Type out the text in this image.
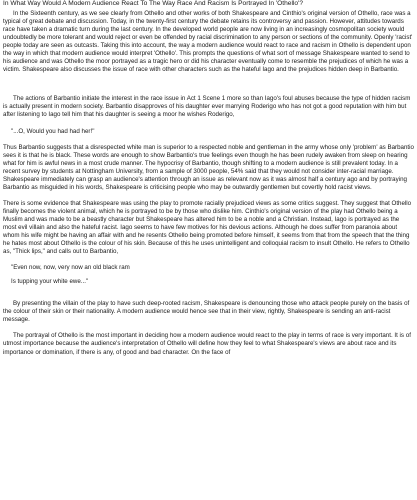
In What Way Would A Modern Audience React To The Way Race And Racism Is Portrayed In 'Othello'?

In the Sixteenth century, as we see clearly from Othello and other works of both Shakespeare and Cinthio's original version of Othello, race was a typical of great debate and discussion. Today, in the twenty-first century the debate retains its controversy and passion. However, attitudes towards race have taken a dramatic turn during the last century. In the developed world people are now living in an increasingly cosmopolitan society would undoubtedly be more tolerant and would reject or even be offended by racial discrimination to any person or sections of the community. Openly 'racist' people today are seen as outcasts. Taking this into account, the way a modern audience would react to race and racism in Othello is dependent upon the way in which that modern audience would interpret 'Othello'. This prompts the questions of what sort of message Shakespeare wanted to send to his audience and was Othello the moor portrayed as a tragic hero or did his character eventually come to resemble the prejudices of which he was a victim. Shakespeare also discusses the issue of race with other characters such as the hateful Iago and the prejudices hidden deep in Barbantio.

The actions of Barbantio initiate the interest in the race issue in Act 1 Scene 1 more so than Iago's foul abuses because the type of hidden racism is actually present in modern society. Barbantio disapproves of his daughter ever marrying Roderigo who has not got a good reputation with him but after listening to Iago tell him that his daughter is seeing a moor he wishes Roderigo,

"...O, Would you had had her!"

Thus Barbantio suggests that a disrespected white man is superior to a respected noble and gentleman in the army whose only 'problem' as Barbantio sees it is that he is black. These words are enough to show Barbantio's true feelings even though he has been rudely awaken from sleep on hearing what for him is awful news in a most crude manner. The hypocrisy of Barbantio, though shifting to a modern audience is still prevalent today. In a recent survey by students at Nottingham University, from a sample of 3000 people, 54% said that they would not consider inter-racial marriage. Shakespeare immediately can grasp an audience's attention through an issue as relevant now as it was almost half a century ago and by portraying Barbantio as misguided in his words, Shakespeare is criticising people who may be outwardly gentlemen but covertly hold racist views.

There is some evidence that Shakespeare was using the play to promote racially prejudiced views as some critics suggest. They suggest that Othello finally becomes the violent animal, which he is portrayed to be by those who dislike him. Cinthio's original version of the play had Othello being a Muslim and was made to be a beastly character but Shakespeare has altered him to be a noble and a Christian. Instead, Iago is portrayed as the most evil villain and also the hateful racist. Iago seems to have few motives for his devious actions. Although he does suffer from paranoia about whom his wife might be having an affair with and he resents Othello being promoted before himself, it seems from that from the speech that the thing he hates most about Othello is the colour of his skin. Because of this he uses unintelligent and colloquial racism to insult Othello. He refers to Othello as, "Thick lips," and calls out to Barbantio,

"Even now, now, very now an old black ram

Is tupping your white ewe..."

By presenting the villain of the play to have such deep-rooted racism, Shakespeare is denouncing those who attack people purely on the basis of the colour of their skin or their nationality. A modern audience would hence see that in their view, rightly, Shakespeare is sending an anti-racist message.

The portrayal of Othello is the most important in deciding how a modern audience would react to the play in terms of race is very important. It is of utmost importance because the audience's interpretation of Othello will define how they feel to what Shakespeare's views are about race and its importance or domination, if there is any, of good and bad character. On the face of
